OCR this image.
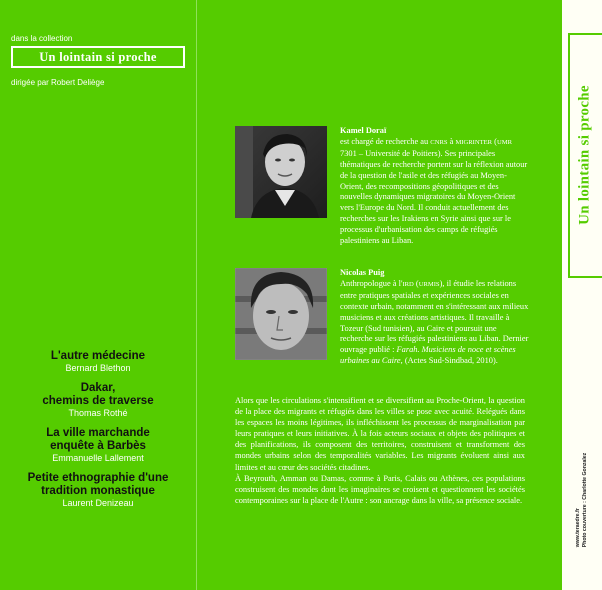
dans la collection
Un lointain si proche
dirigée par Robert Deliège
L'autre médecine
Bernard Blethon
Dakar,
chemins de traverse
Thomas Rothé
La ville marchande
enquête à Barbès
Emmanuelle Lallement
Petite ethnographie d'une
tradition monastique
Laurent Denizeau
Kamel Doraï
est chargé de recherche au CNRS à MIGRINTER (UMR 7301 – Université de Poitiers). Ses principales thématiques de recherche portent sur la réflexion autour de la question de l'asile et des réfugiés au Moyen-Orient, des recompositions géopolitiques et des nouvelles dynamiques migratoires du Moyen-Orient vers l'Europe du Nord. Il conduit actuellement des recherches sur les Irakiens en Syrie ainsi que sur le processus d'urbanisation des camps de réfugiés palestiniens au Liban.
Nicolas Puig
Anthropologue à l'IRD (URMIS), il étudie les relations entre pratiques spatiales et expériences sociales en contexte urbain, notamment en s'intéressant aux milieux musiciens et aux créations artistiques. Il travaille à Tozeur (Sud tunisien), au Caire et poursuit une recherche sur les réfugiés palestiniens au Liban. Dernier ouvrage publié : Farah. Musiciens de noce et scènes urbaines au Caire, (Actes Sud-Sindbad, 2010).

Alors que les circulations s'intensifient et se diversifient au Proche-Orient, la question de la place des migrants et réfugiés dans les villes se pose avec acuité. Relégués dans les espaces les moins légitimes, ils infléchissent les processus de marginalisation par leurs pratiques et leurs initiatives. À la fois acteurs sociaux et objets des politiques et des planifications, ils composent des territoires, construisent et transforment des mondes urbains selon des temporalités variables. Les migrants évoluent ainsi aux limites et au cœur des sociétés citadines.

À Beyrouth, Amman ou Damas, comme à Paris, Calais ou Athènes, ces populations construisent des mondes dont les imaginaires se croisent et questionnent les sociétés contemporaines sur la place de l'Autre : son ancrage dans la ville, sa présence sociale.

Un lointain si proche
www.teraedre.fr Photo couverture : Charlotte Gonzalez
